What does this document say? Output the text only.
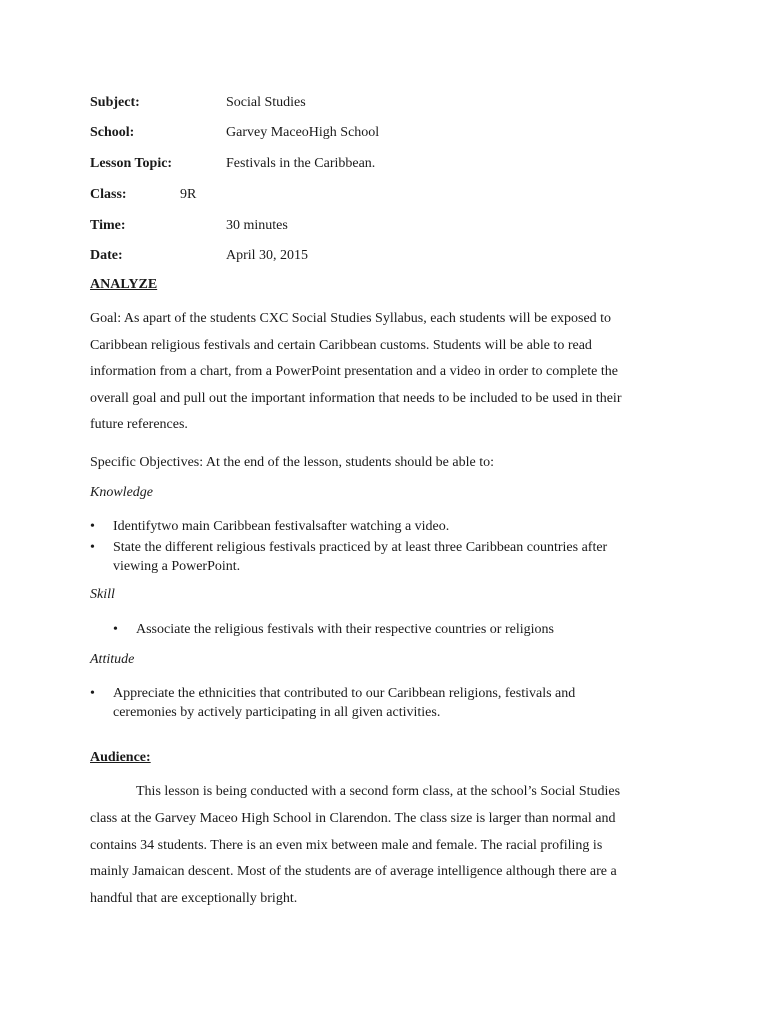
Subject:	Social Studies
School:	Garvey MaceoHigh School
Lesson Topic:	Festivals in the Caribbean.
Class:	9R
Time:	30 minutes
Date:	April 30, 2015
ANALYZE
Goal: As apart of the students CXC Social Studies Syllabus, each students will be exposed to
Caribbean religious festivals and certain Caribbean customs. Students will be able to read
information from a chart, from a PowerPoint presentation and a video in order to complete the
overall goal and pull out the important information that needs to be included to be used in their
future references.
Specific Objectives: At the end of the lesson, students should be able to:
Knowledge
• Identifytwo main Caribbean festivalsafter watching a video.
• State the different religious festivals practiced by at least three Caribbean countries after
viewing a PowerPoint.
Skill
• Associate the religious festivals with their respective countries or religions
Attitude
• Appreciate the ethnicities that contributed to our Caribbean religions, festivals and
ceremonies by actively participating in all given activities.
Audience:
This lesson is being conducted with a second form class, at the school’s Social Studies
class at the Garvey Maceo High School in Clarendon. The class size is larger than normal and
contains 34 students. There is an even mix between male and female. The racial profiling is
mainly Jamaican descent. Most of the students are of average intelligence although there are a
handful that are exceptionally bright.
